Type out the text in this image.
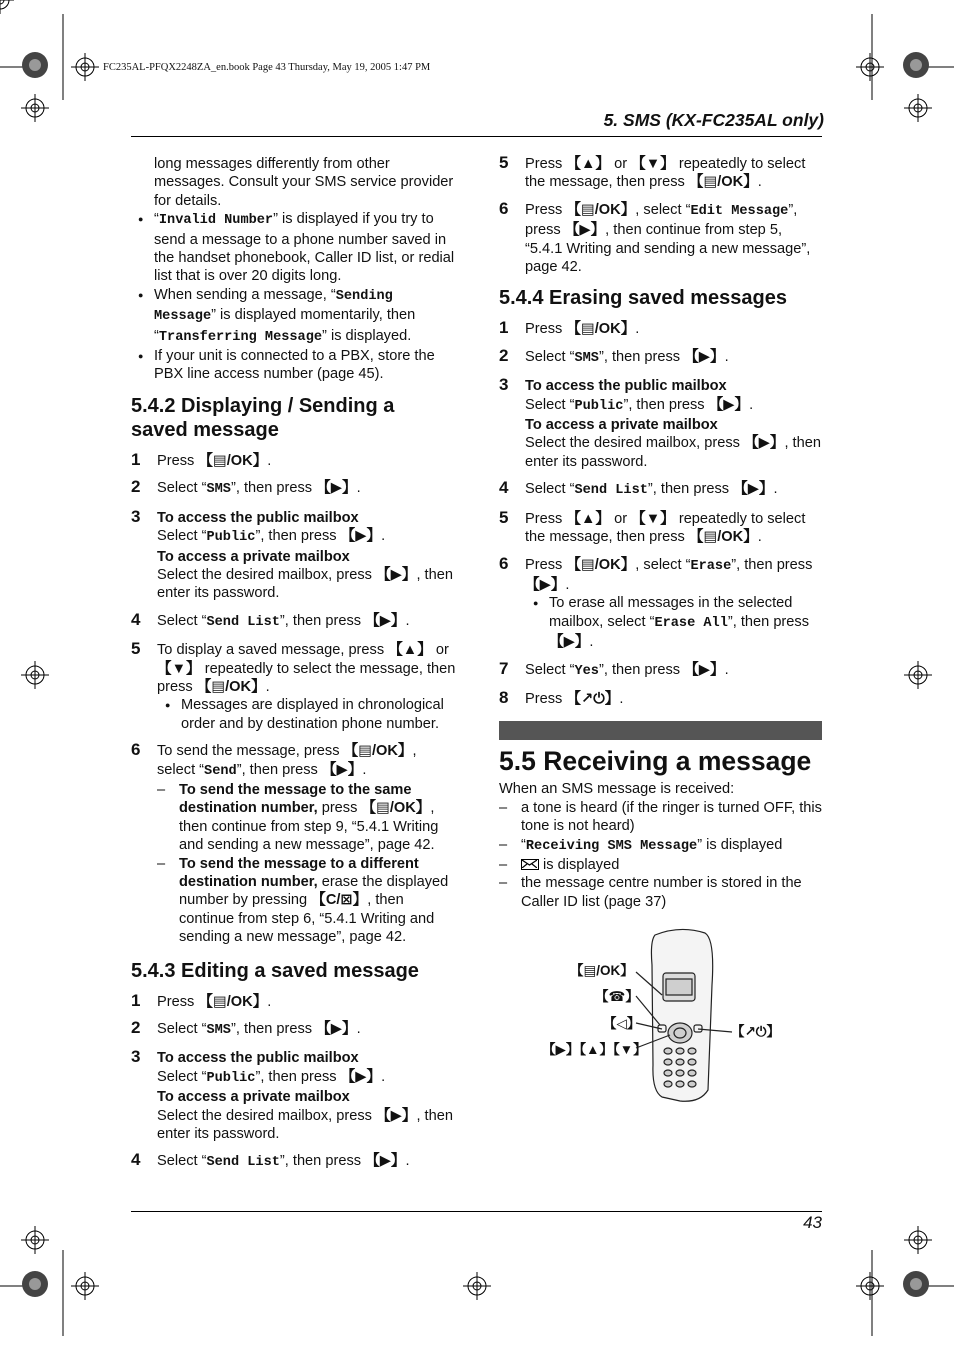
FC235AL-PFQX2248ZA_en.book Page 43 Thursday, May 19, 2005 1:47 PM
5. SMS (KX-FC235AL only)
long messages differently from other messages. Consult your SMS service provider for details.
● “Invalid Number” is displayed if you try to send a message to a phone number saved in the handset phonebook, Caller ID list, or redial list that is over 20 digits long.
● When sending a message, “Sending Message” is displayed momentarily, then “Transferring Message” is displayed.
● If your unit is connected to a PBX, store the PBX line access number (page 45).
5.4.2 Displaying / Sending a saved message
1 Press 【▤/OK】.
2 Select “SMS”, then press 【▶】.
3 To access the public mailbox
Select “Public”, then press 【▶】.
To access a private mailbox
Select the desired mailbox, press 【▶】, then enter its password.
4 Select “Send List”, then press 【▶】.
5 To display a saved message, press 【▲】 or 【▼】 repeatedly to select the message, then press 【▤/OK】.
● Messages are displayed in chronological order and by destination phone number.
6 To send the message, press 【▤/OK】, select “Send”, then press 【▶】.
– To send the message to the same destination number, press 【▤/OK】, then continue from step 9, “5.4.1 Writing and sending a new message”, page 42.
– To send the message to a different destination number, erase the displayed number by pressing 【C/⊠】, then continue from step 6, “5.4.1 Writing and sending a new message”, page 42.
5.4.3 Editing a saved message
1 Press 【▤/OK】.
2 Select “SMS”, then press 【▶】.
3 To access the public mailbox
Select “Public”, then press 【▶】.
To access a private mailbox
Select the desired mailbox, press 【▶】, then enter its password.
4 Select “Send List”, then press 【▶】.
5 Press 【▲】 or 【▼】 repeatedly to select the message, then press 【▤/OK】.
6 Press 【▤/OK】, select “Edit Message”, press 【▶】, then continue from step 5, “5.4.1 Writing and sending a new message”, page 42.
5.4.4 Erasing saved messages
1 Press 【▤/OK】.
2 Select “SMS”, then press 【▶】.
3 To access the public mailbox
Select “Public”, then press 【▶】.
To access a private mailbox
Select the desired mailbox, press 【▶】, then enter its password.
4 Select “Send List”, then press 【▶】.
5 Press 【▲】 or 【▼】 repeatedly to select the message, then press 【▤/OK】.
6 Press 【▤/OK】, select “Erase”, then press 【▶】.
● To erase all messages in the selected mailbox, select “Erase All”, then press 【▶】.
7 Select “Yes”, then press 【▶】.
8 Press 【↗⏻】.
5.5 Receiving a message
When an SMS message is received:
– a tone is heard (if the ringer is turned OFF, this tone is not heard)
– “Receiving SMS Message” is displayed
– is displayed
– the message centre number is stored in the Caller ID list (page 37)
【▤/OK】
【☎】
【◁】
【▶】【▲】【▼】
【↗⏻】
43
